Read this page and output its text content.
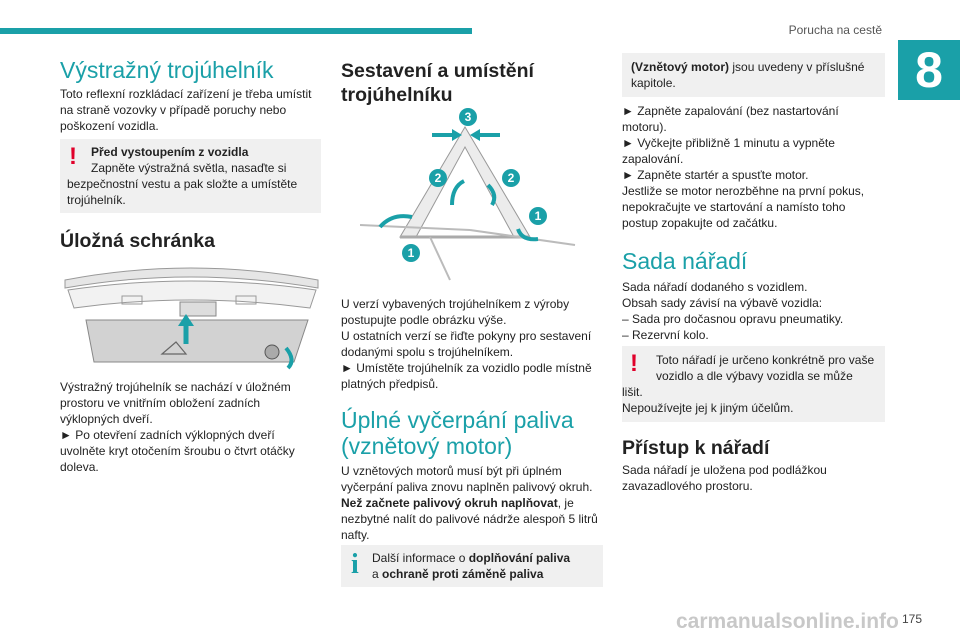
Porucha na cestě
8
Výstražný trojúhelník

Toto reflexní rozkládací zařízení je třeba umístit

na straně vozovky v případě poruchy nebo

poškození vozidla.

! Před vystoupením z vozidla

Zapněte výstražná světla, nasaďte si

bezpečnostní vestu a pak složte a umístěte

trojúhelník.

Úložná schránka

Výstražný trojúhelník se nachází v úložném

prostoru ve vnitřním obložení zadních

výklopných dveří.

► Po otevření zadních výklopných dveří

uvolněte kryt otočením šroubu o čtvrt otáčky

doleva.

Sestavení a umístění
trojúhelníku
3
2	2
1
1

U verzí vybavených trojúhelníkem z výroby

postupujte podle obrázku výše.

U ostatních verzí se řiďte pokyny pro sestavení

dodanými spolu s trojúhelníkem.

► Umístěte trojúhelník za vozidlo podle místně

platných předpisů.

Úplné vyčerpání paliva
(vznětový motor)

U vznětových motorů musí být při úplném

vyčerpání paliva znovu naplněn palivový okruh.

Než začnete palivový okruh naplňovat, je

nezbytné nalít do palivové nádrže alespoň 5 litrů

nafty.

i Další informace o doplňování paliva

a ochraně proti záměně paliva

(Vznětový motor) jsou uvedeny v příslušné

kapitole.

► Zapněte zapalování (bez nastartování

motoru).

► Vyčkejte přibližně 1 minutu a vypněte

zapalování.

► Zapněte startér a spusťte motor.

Jestliže se motor nerozběhne na první pokus,

nepokračujte ve startování a namísto toho

postup zopakujte od začátku.

Sada nářadí

Sada nářadí dodaného s vozidlem.

Obsah sady závisí na výbavě vozidla:

– Sada pro dočasnou opravu pneumatiky.

– Rezervní kolo.

! Toto nářadí je určeno konkrétně pro vaše

vozidlo a dle výbavy vozidla se může

lišit.

Nepoužívejte jej k jiným účelům.

Přístup k nářadí

Sada nářadí je uložena pod podlážkou

zavazadlového prostoru.

carmanualsonline.info 175
